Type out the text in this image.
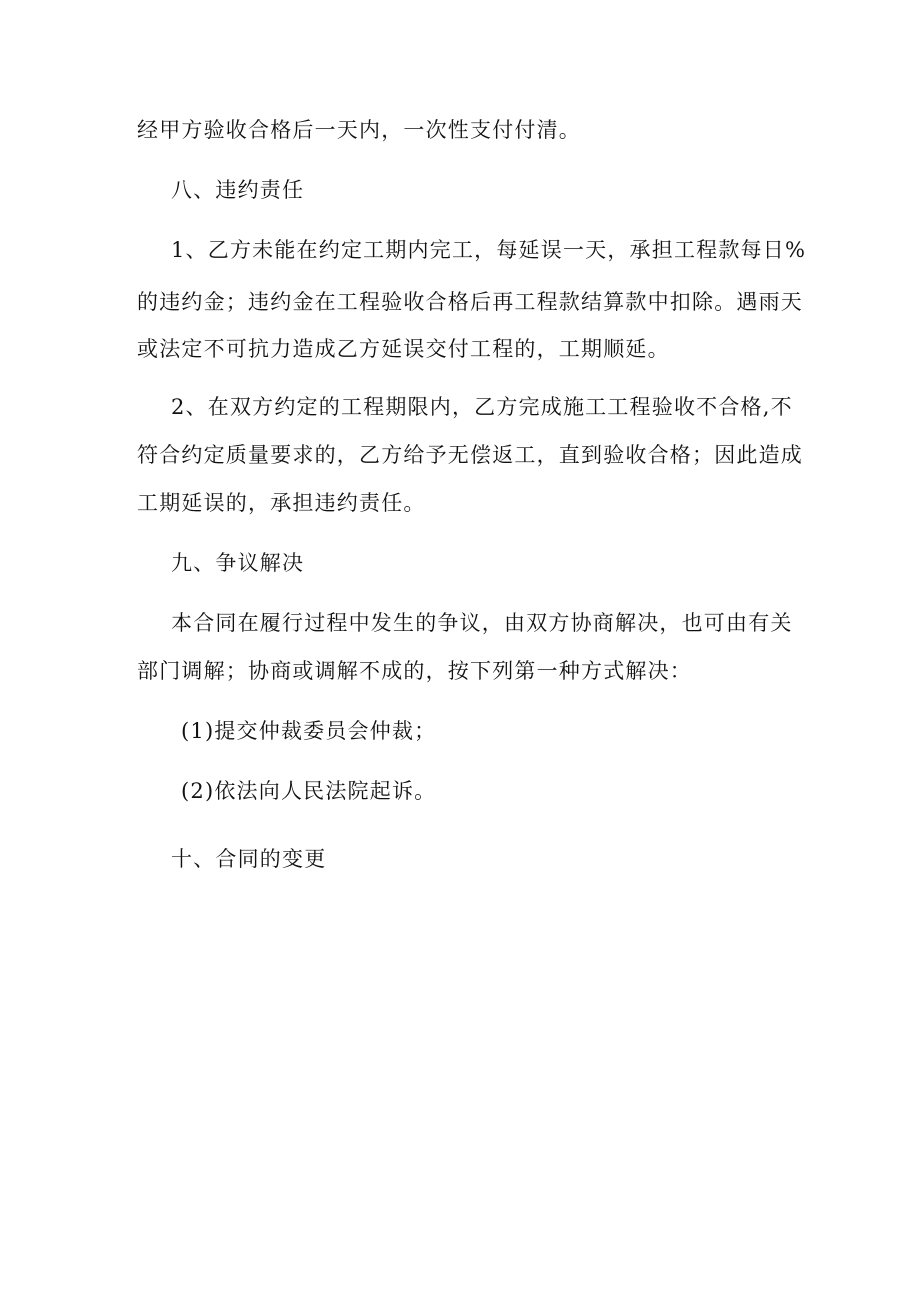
经甲方验收合格后一天内，一次性支付付清。
八、违约责任
1、乙方未能在约定工期内完工，每延误一天，承担工程款每日%
的违约金；违约金在工程验收合格后再工程款结算款中扣除。遇雨天
或法定不可抗力造成乙方延误交付工程的，工期顺延。
2、在双方约定的工程期限内，乙方完成施工工程验收不合格,不
符合约定质量要求的，乙方给予无偿返工，直到验收合格；因此造成
工期延误的，承担违约责任。
九、争议解决
本合同在履行过程中发生的争议，由双方协商解决，也可由有关
部门调解；协商或调解不成的，按下列第一种方式解决：
(1)提交仲裁委员会仲裁；
(2)依法向人民法院起诉。
十、合同的变更
